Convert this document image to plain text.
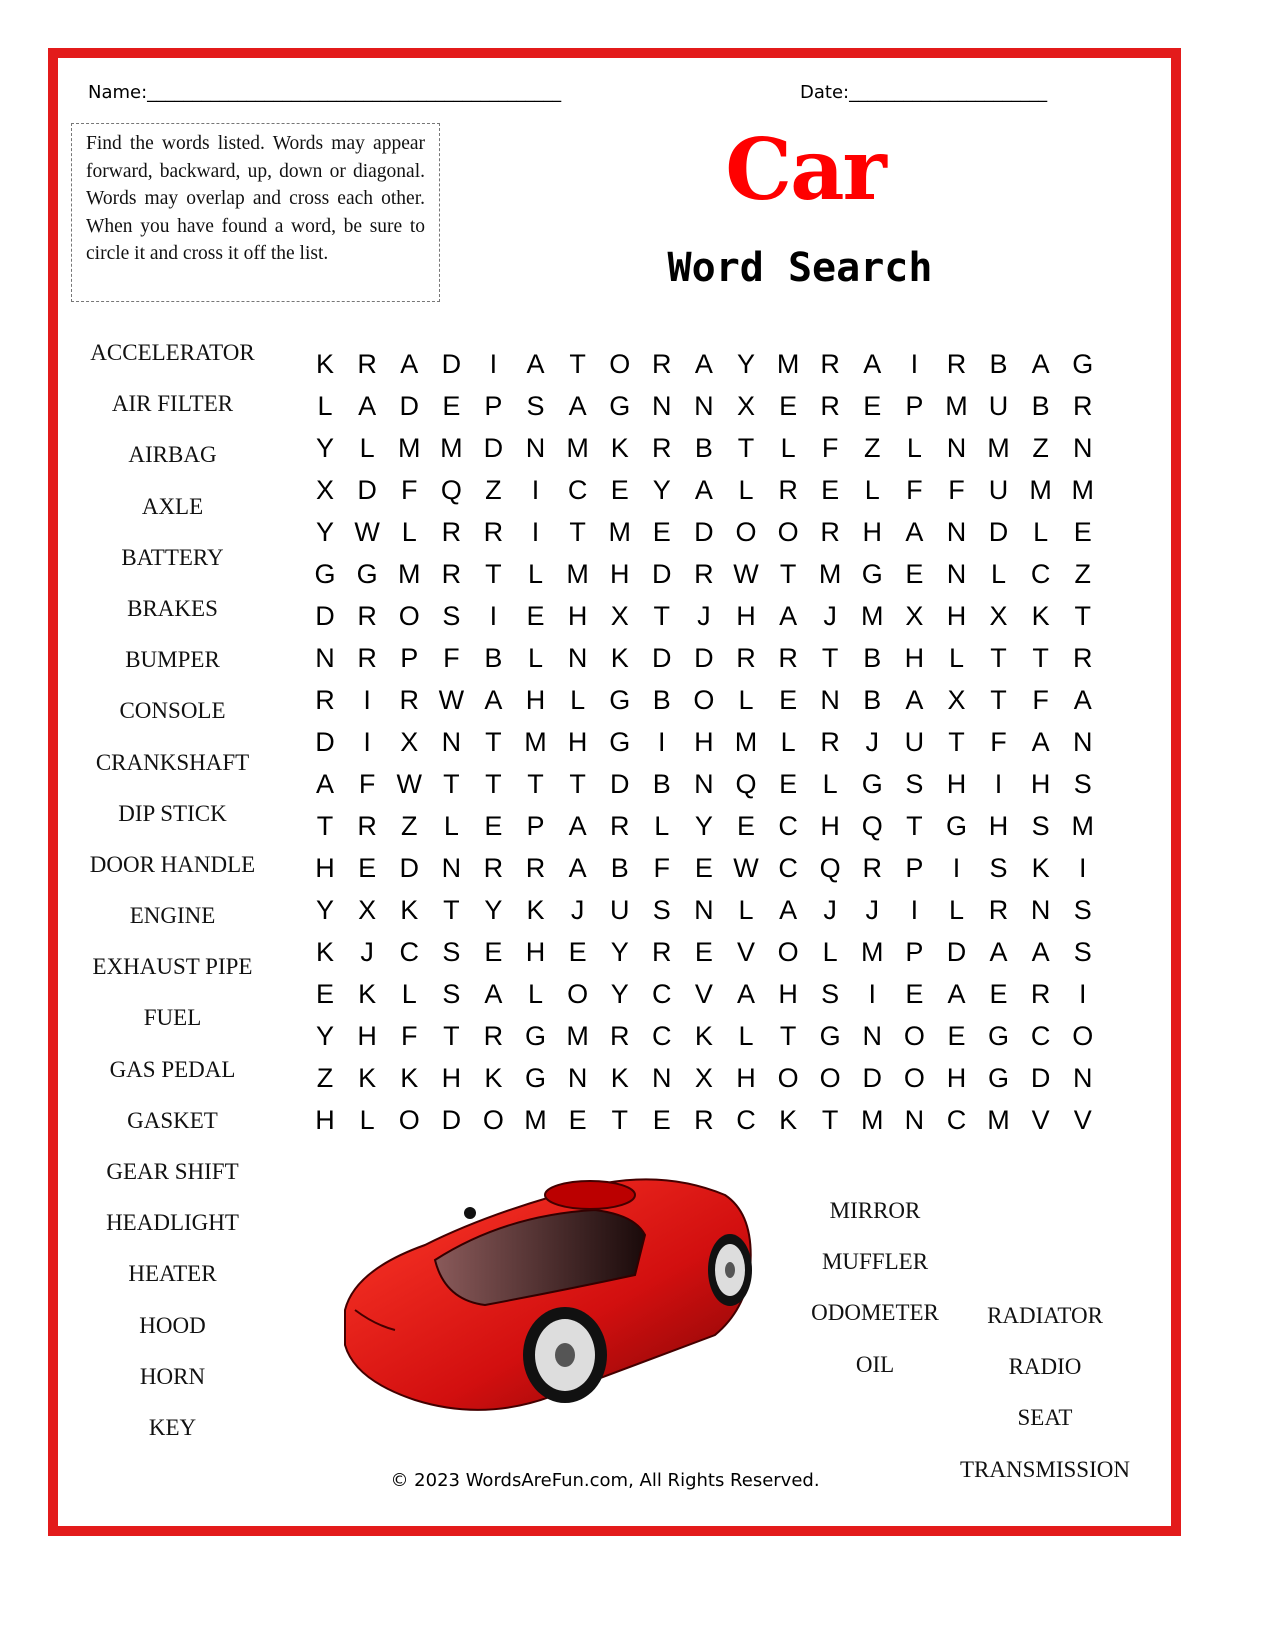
Name:______________________________________________	Date:______________________
Find the words listed. Words may appear forward, backward, up, down or diagonal. Words may overlap and cross each other. When you have found a word, be sure to circle it and cross it off the list.
Car
Word Search
ACCELERATOR
AIR FILTER
AIRBAG
AXLE
BATTERY
BRAKES
BUMPER
CONSOLE
CRANKSHAFT
DIP STICK
DOOR HANDLE
ENGINE
EXHAUST PIPE
FUEL
GAS PEDAL
GASKET
GEAR SHIFT
HEADLIGHT
HEATER
HOOD
HORN
KEY
K R A D	I	A T O R A Y M R A	I	R B A G
L A D E P S A G N N X E R E P M U B R
Y L M M D N M K R B T L F Z L N M Z N
X D F Q Z	I	C E Y A L R E L F F U M M
Y W L R R	I	T M E D O O R H A N D L E
G G M R T L M H D R W T M G E N L C Z
D R O S	I	E H X T	J H A J M X H X K T
N R P F B L N K D D R R T B H L T T R
R	I	R W A H L G B O L E N B A X T F A
D	I	X N T M H G	I	H M L R J U T F A N
A F W T T T T D B N Q E L G S H	I	H S
T R Z L E P A R L Y E C H Q T G H S M
H E D N R R A B F E W C Q R P	I	S K	I
Y X K T Y K J U S N L A J	J	I	L R N S
K J C S E H E Y R E V O L M P D A A S
E K L S A L O Y C V A H S	I	E A E R	I
Y H F T R G M R C K L T G N O E G C O
Z K K H K G N K N X H O O D O H G D N
H L O D O M E T E R C K T M N C M V V
MIRROR
MUFFLER
ODOMETER
OIL
RADIATOR
RADIO
SEAT
TRANSMISSION
© 2023 WordsAreFun.com, All Rights Reserved.
